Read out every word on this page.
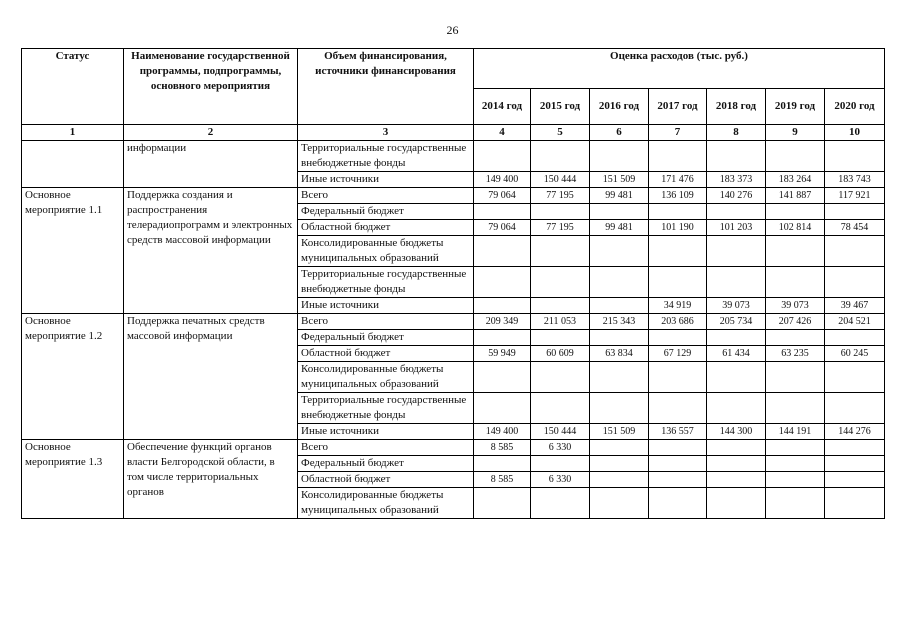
26
Статус	Наименование государственной программы, подпрограммы, основного мероприятия	Объем финансирования, источники финансирования	Оценка расходов (тыс. руб.)						
			2014 год	2015 год	2016 год	2017 год	2018 год	2019 год	2020 год
1	2	3	4	5	6	7	8	9	10
	информации	Территориальные государственные внебюджетные фонды							
		Иные источники	149 400	150 444	151 509	171 476	183 373	183 264	183 743
Основное мероприятие 1.1	Поддержка создания и распространения телерадиопрограмм и электронных средств массовой информации	Всего	79 064	77 195	99 481	136 109	140 276	141 887	117 921
		Федеральный бюджет							
		Областной бюджет	79 064	77 195	99 481	101 190	101 203	102 814	78 454
		Консолидированные бюджеты муниципальных образований							
		Территориальные государственные внебюджетные фонды							
		Иные источники				34 919	39 073	39 073	39 467
Основное мероприятие 1.2	Поддержка печатных средств массовой информации	Всего	209 349	211 053	215 343	203 686	205 734	207 426	204 521
		Федеральный бюджет							
		Областной бюджет	59 949	60 609	63 834	67 129	61 434	63 235	60 245
		Консолидированные бюджеты муниципальных образований							
		Территориальные государственные внебюджетные фонды							
		Иные источники	149 400	150 444	151 509	136 557	144 300	144 191	144 276
Основное мероприятие 1.3	Обеспечение функций органов власти Белгородской области, в том числе территориальных органов	Всего	8 585	6 330					
		Федеральный бюджет							
		Областной бюджет	8 585	6 330					
		Консолидированные бюджеты муниципальных образований							
